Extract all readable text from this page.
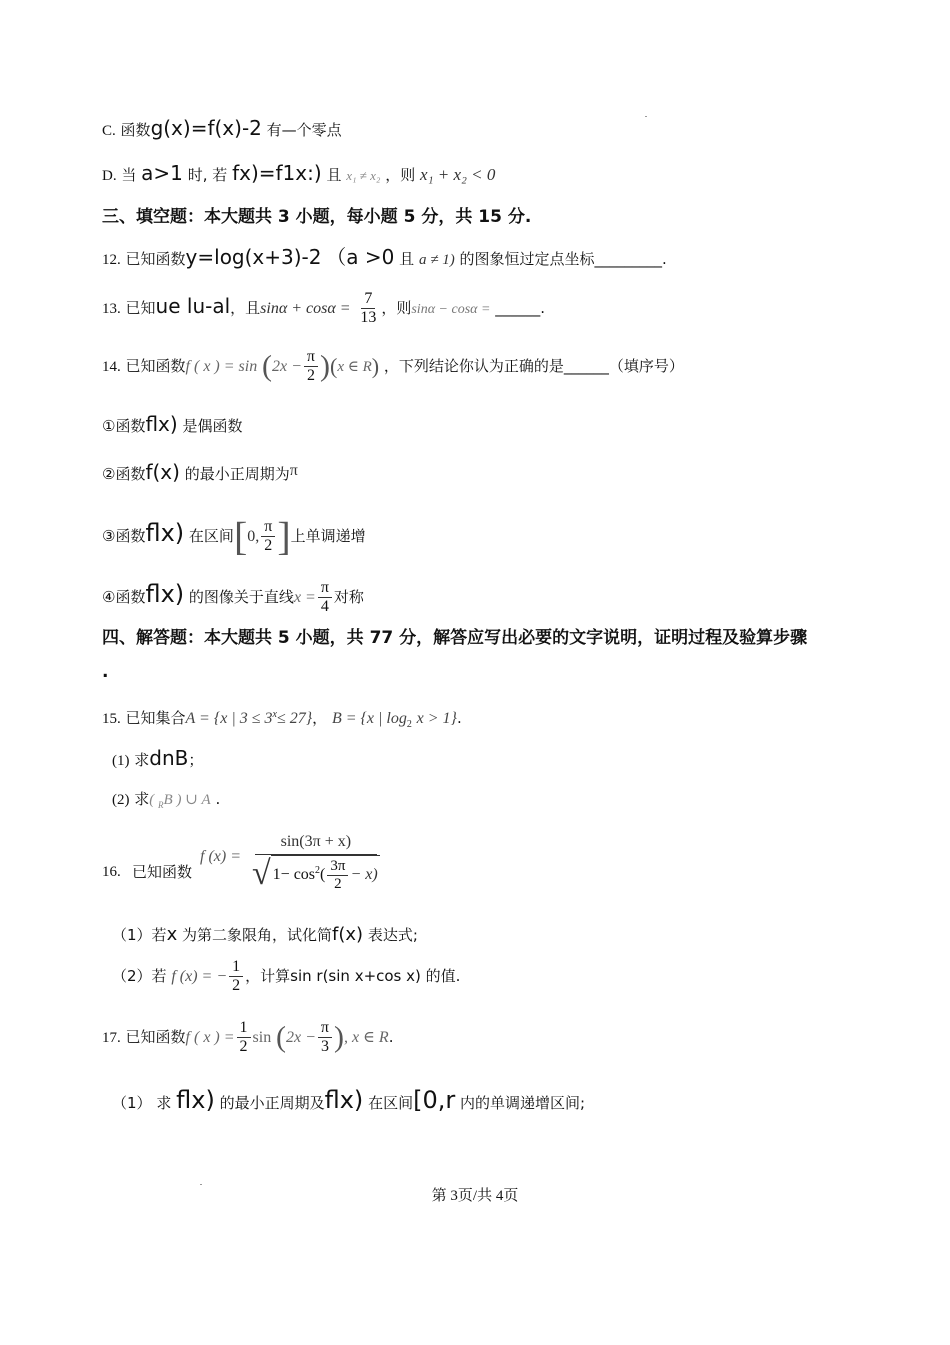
C. 函数g(x)=f(x)-2 有—个零点
D. 当 a>1 时, 若 fx)=f1x:) 且 x₁ ≠ x₂ ，则 x₁ + x₂ < 0
三、填空题：本大题共 3 小题，每小题 5 分，共 15 分.
12. 已知函数y=log(x+3)-2 （a >0 且 a ≠ 1) 的图象恒过定点坐标_________.
13. 已知ue lu-al，且$\sin\alpha + \cos\alpha = \frac{7}{13}$ ，则sinα − cosα = ______.
14. 已知函数f ( x ) = $\sin (2x - \frac{\pi}{2} )(x$ ∈ R) ，下列结论你认为正确的是______（填序号）
①函数flx) 是偶函数
②函数f(x) 的最小正周期为π
③函数flx) 在区间[0, $\frac{\pi}{2}$ ]上单调递增
④函数flx) 的图像关于直线$x = \frac{\pi}{4}$ 对称
四、解答题：本大题共 5 小题，共 77 分，解答应写出必要的文字说明，证明过程及验算步骤
.
15. 已知集合A = {x | $3 \le 3^x\le 27$}， B = {x | $\log_2 x > 1$}.
(1) 求dnB；
(2) 求( $_R$B ) ∪ A .
16. 已知函数
f (x) =
sin(3π + x)
√ $1- \cos^2( \frac{3\pi}{2} - x)$
（1）若x 为第二象限角，试化简f(x) 表达式;
（2）若 f (x) = − $\frac{1}{2}$ ，计算sin r(sin x+cos x) 的值.
17. 已知函数f ( x ) = $\frac{1}{2}$ $\sin (2x - \frac{\pi}{3}$ ), x ∈ R.
（1） 求 flx) 的最小正周期及flx) 在区间[0,r 内的单调递增区间;
第 3页/共 4页
